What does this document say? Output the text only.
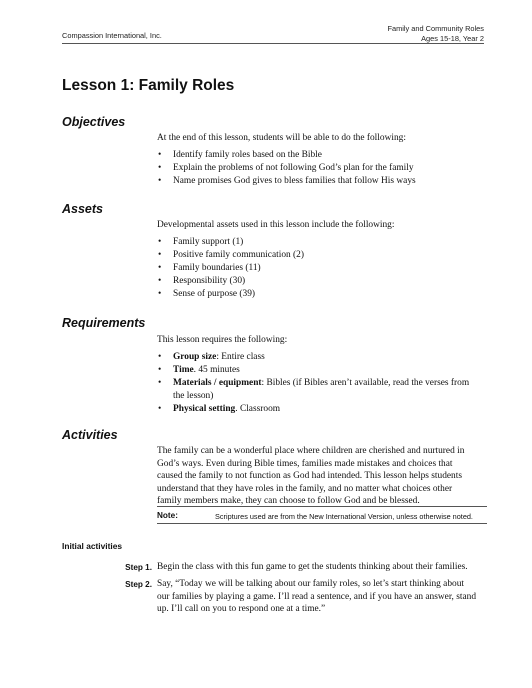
Compassion International, Inc.
Family and Community Roles
Ages 15-18, Year 2
Lesson 1: Family Roles
Objectives

At the end of this lesson, students will be able to do the following:

• Identify family roles based on the Bible
• Explain the problems of not following God’s plan for the family
• Name promises God gives to bless families that follow His ways
Assets

Developmental assets used in this lesson include the following:

• Family support (1)
• Positive family communication (2)
• Family boundaries (11)
• Responsibility (30)
• Sense of purpose (39)
Requirements

This lesson requires the following:

• Group size: Entire class
• Time. 45 minutes
• Materials / equipment: Bibles (if Bibles aren’t available, read the verses from the lesson)
• Physical setting. Classroom
Activities

The family can be a wonderful place where children are cherished and nurtured in God’s ways. Even during Bible times, families made mistakes and choices that caused the family to not function as God had intended. This lesson helps students understand that they have roles in the family, and no matter what choices other family members make, they can choose to follow God and be blessed.

Note:	Scriptures used are from the New International Version, unless otherwise noted.
Initial activities
Step 1. Begin the class with this fun game to get the students thinking about their families.
Step 2. Say, “Today we will be talking about our family roles, so let’s start thinking about our families by playing a game. I’ll read a sentence, and if you have an answer, stand up. I’ll call on you to respond one at a time.”
